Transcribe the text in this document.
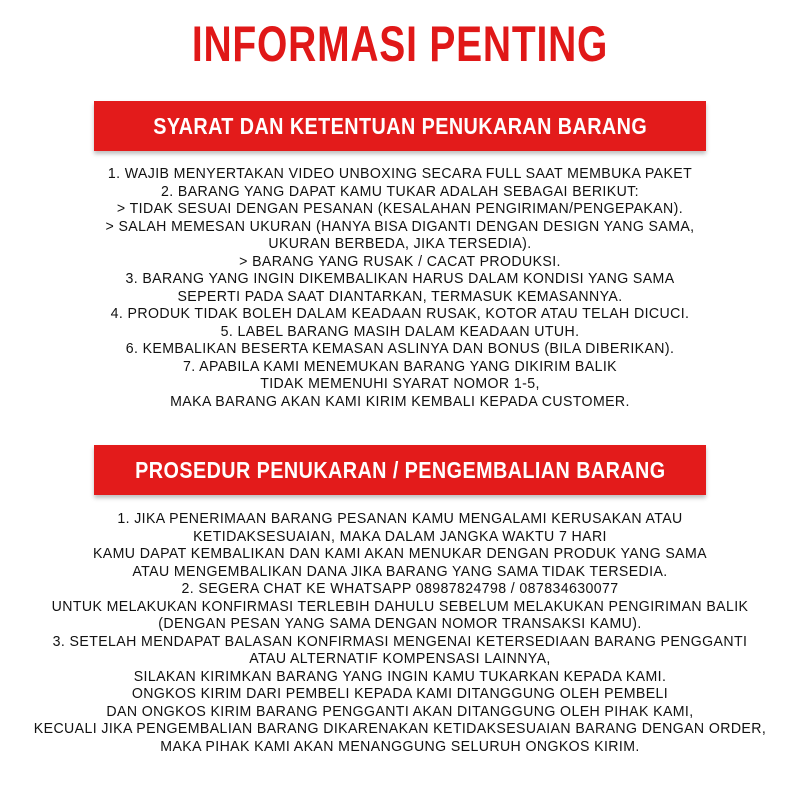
INFORMASI PENTING
SYARAT DAN KETENTUAN PENUKARAN BARANG
1. WAJIB MENYERTAKAN VIDEO UNBOXING SECARA FULL SAAT MEMBUKA PAKET
2. BARANG YANG DAPAT KAMU TUKAR ADALAH SEBAGAI BERIKUT:
> TIDAK SESUAI DENGAN PESANAN (KESALAHAN PENGIRIMAN/PENGEPAKAN).
> SALAH MEMESAN UKURAN (HANYA BISA DIGANTI DENGAN DESIGN YANG SAMA,
UKURAN BERBEDA, JIKA TERSEDIA).
> BARANG YANG RUSAK / CACAT PRODUKSI.
3. BARANG YANG INGIN DIKEMBALIKAN HARUS DALAM KONDISI YANG SAMA
SEPERTI PADA SAAT DIANTARKAN, TERMASUK KEMASANNYA.
4. PRODUK TIDAK BOLEH DALAM KEADAAN RUSAK, KOTOR ATAU TELAH DICUCI.
5. LABEL BARANG MASIH DALAM KEADAAN UTUH.
6. KEMBALIKAN BESERTA KEMASAN ASLINYA DAN BONUS (BILA DIBERIKAN).
7. APABILA KAMI MENEMUKAN BARANG YANG DIKIRIM BALIK
TIDAK MEMENUHI SYARAT NOMOR 1-5,
MAKA BARANG AKAN KAMI KIRIM KEMBALI KEPADA CUSTOMER.
PROSEDUR PENUKARAN / PENGEMBALIAN BARANG
1. JIKA PENERIMAAN BARANG PESANAN KAMU MENGALAMI KERUSAKAN ATAU
KETIDAKSESUAIAN, MAKA DALAM JANGKA WAKTU 7 HARI
KAMU DAPAT KEMBALIKAN DAN KAMI AKAN MENUKAR DENGAN PRODUK YANG SAMA
ATAU MENGEMBALIKAN DANA JIKA BARANG YANG SAMA TIDAK TERSEDIA.
2. SEGERA CHAT KE WHATSAPP 08987824798 / 087834630077
UNTUK MELAKUKAN KONFIRMASI TERLEBIH DAHULU SEBELUM MELAKUKAN PENGIRIMAN BALIK
(DENGAN PESAN YANG SAMA DENGAN NOMOR TRANSAKSI KAMU).
3. SETELAH MENDAPAT BALASAN KONFIRMASI MENGENAI KETERSEDIAAN BARANG PENGGANTI
ATAU ALTERNATIF KOMPENSASI LAINNYA,
SILAKAN KIRIMKAN BARANG YANG INGIN KAMU TUKARKAN KEPADA KAMI.
ONGKOS KIRIM DARI PEMBELI KEPADA KAMI DITANGGUNG OLEH PEMBELI
DAN ONGKOS KIRIM BARANG PENGGANTI AKAN DITANGGUNG OLEH PIHAK KAMI,
KECUALI JIKA PENGEMBALIAN BARANG DIKARENAKAN KETIDAKSESUAIAN BARANG DENGAN ORDER,
MAKA PIHAK KAMI AKAN MENANGGUNG SELURUH ONGKOS KIRIM.
